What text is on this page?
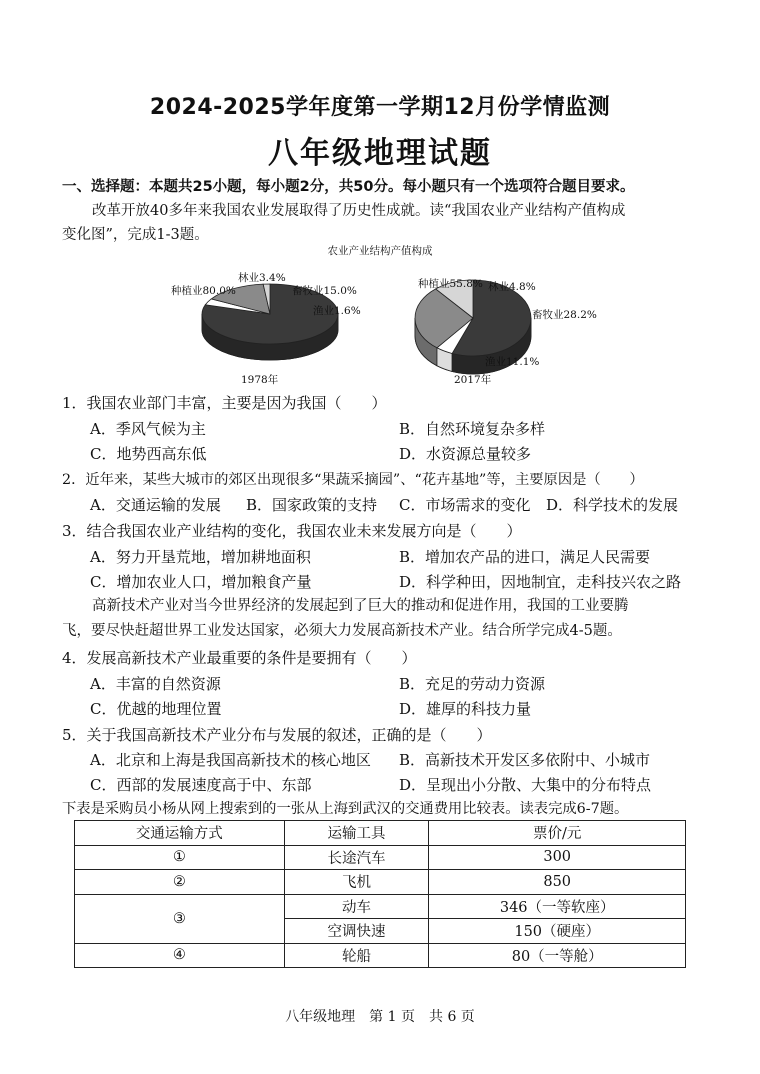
2024-2025学年度第一学期12月份学情监测
八年级地理试题
一、选择题：本题共25小题，每小题2分，共50分。每小题只有一个选项符合题目要求。
改革开放40多年来我国农业发展取得了历史性成就。读“我国农业产业结构产值构成
变化图”，完成1-3题。
农业产业结构产值构成
种植业80.0%
林业3.4%
畜牧业15.0%
渔业1.6%
1978年
种植业55.8% 林业4.8%
畜牧业28.2%
渔业11.1%
2017年
1．我国农业部门丰富，主要是因为我国（　　）
A．季风气候为主	B．自然环境复杂多样
C．地势西高东低	D．水资源总量较多
2．近年来，某些大城市的郊区出现很多“果蔬采摘园”、“花卉基地”等，主要原因是（　　）
A．交通运输的发展 B．国家政策的支持 C．市场需求的变化 D．科学技术的发展
3．结合我国农业产业结构的变化，我国农业未来发展方向是（　　）
A．努力开垦荒地，增加耕地面积	B．增加农产品的进口，满足人民需要
C．增加农业人口，增加粮食产量	D．科学种田，因地制宜，走科技兴农之路
高新技术产业对当今世界经济的发展起到了巨大的推动和促进作用，我国的工业要腾
飞，要尽快赶超世界工业发达国家，必须大力发展高新技术产业。结合所学完成4-5题。
4．发展高新技术产业最重要的条件是要拥有（　　）
A．丰富的自然资源	B．充足的劳动力资源
C．优越的地理位置	D．雄厚的科技力量
5．关于我国高新技术产业分布与发展的叙述，正确的是（　　）
A．北京和上海是我国高新技术的核心地区 B．高新技术开发区多依附中、小城市
C．西部的发展速度高于中、东部	D．呈现出小分散、大集中的分布特点
下表是采购员小杨从网上搜索到的一张从上海到武汉的交通费用比较表。读表完成6-7题。
交通运输方式	运输工具	票价/元
①	长途汽车	300
②	飞机	850
③	动车	346（一等软座）
	空调快速	150（硬座）
④	轮船	80（一等舱）
八年级地理　第 1 页　共 6 页
